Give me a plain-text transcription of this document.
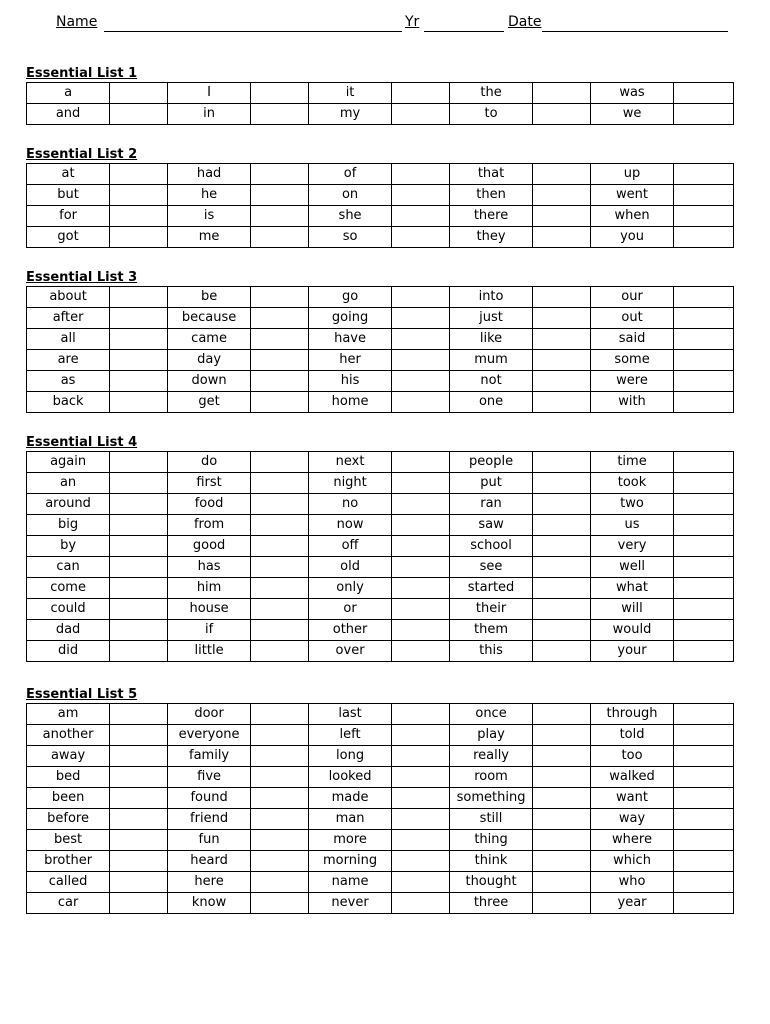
Name	Yr	Date
Essential List 1
a		I		it		the		was	
and		in		my		to		we	
Essential List 2
at		had		of		that		up	
but		he		on		then		went	
for		is		she		there		when	
got		me		so		they		you	
Essential List 3
about		be		go		into		our	
after		because		going		just		out	
all		came		have		like		said	
are		day		her		mum		some	
as		down		his		not		were	
back		get		home		one		with	
Essential List 4
again		do		next		people		time	
an		first		night		put		took	
around		food		no		ran		two	
big		from		now		saw		us	
by		good		off		school		very	
can		has		old		see		well	
come		him		only		started		what	
could		house		or		their		will	
dad		if		other		them		would	
did		little		over		this		your	
Essential List 5
am		door		last		once		through	
another		everyone		left		play		told	
away		family		long		really		too	
bed		five		looked		room		walked	
been		found		made		something		want	
before		friend		man		still		way	
best		fun		more		thing		where	
brother		heard		morning		think		which	
called		here		name		thought		who	
car		know		never		three		year	
